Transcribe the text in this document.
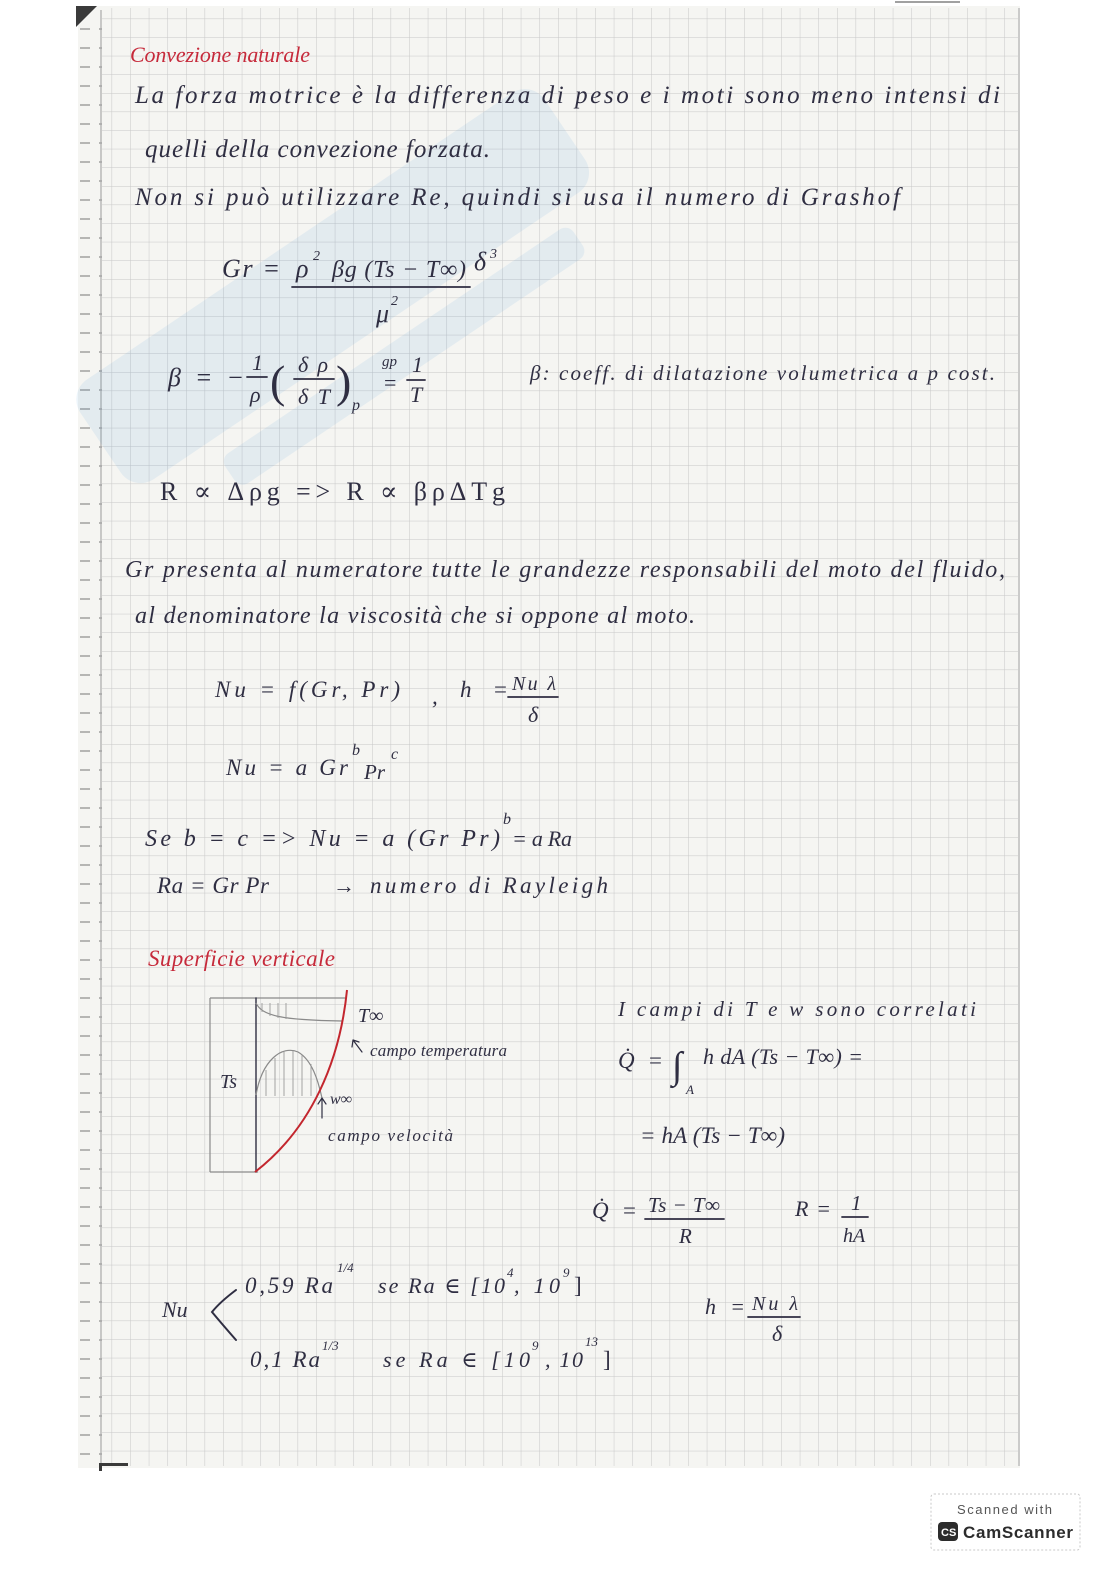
Convezione naturale
La forza motrice è la differenza di peso e i moti sono meno intensi di
quelli della convezione forzata.
Non si può utilizzare Re, quindi si usa il numero di Grashof
Gr = ρ 2
βg (Ts − T∞) δ 3
μ 2
β = −
1
ρ ( δρ
δT ) p
gp
=
1
T
β: coeff. di dilatazione volumetrica a p cost.
R ∝ Δρg => R ∝ βρΔTg
Gr presenta al numeratore tutte le grandezze responsabili del moto del fluido,
al denominatore la viscosità che si oppone al moto.
Nu = f(Gr, Pr) , h = Nu λ
δ
Nu = a Gr
b
Pr
c
Se b = c => Nu = a (Gr Pr)
b
= a Ra
Ra = Gr Pr	→ numero di Rayleigh
Superficie verticale
T∞
campo temperatura
Ts
w∞
campo velocità
I campi di T e w sono correlati
Q̇ = ∫
A
h dA (Ts − T∞) =
= hA (Ts − T∞)
Q̇ = Ts − T∞
R
R = 1
hA
Nu
0,59 Ra
1/4
se Ra ∈ [10
4
, 10
9
]
0,1 Ra
1/3
se Ra ∈ [10
9
, 10
13
]
h = Nu λ
δ
Scanned with
CS CamScanner
